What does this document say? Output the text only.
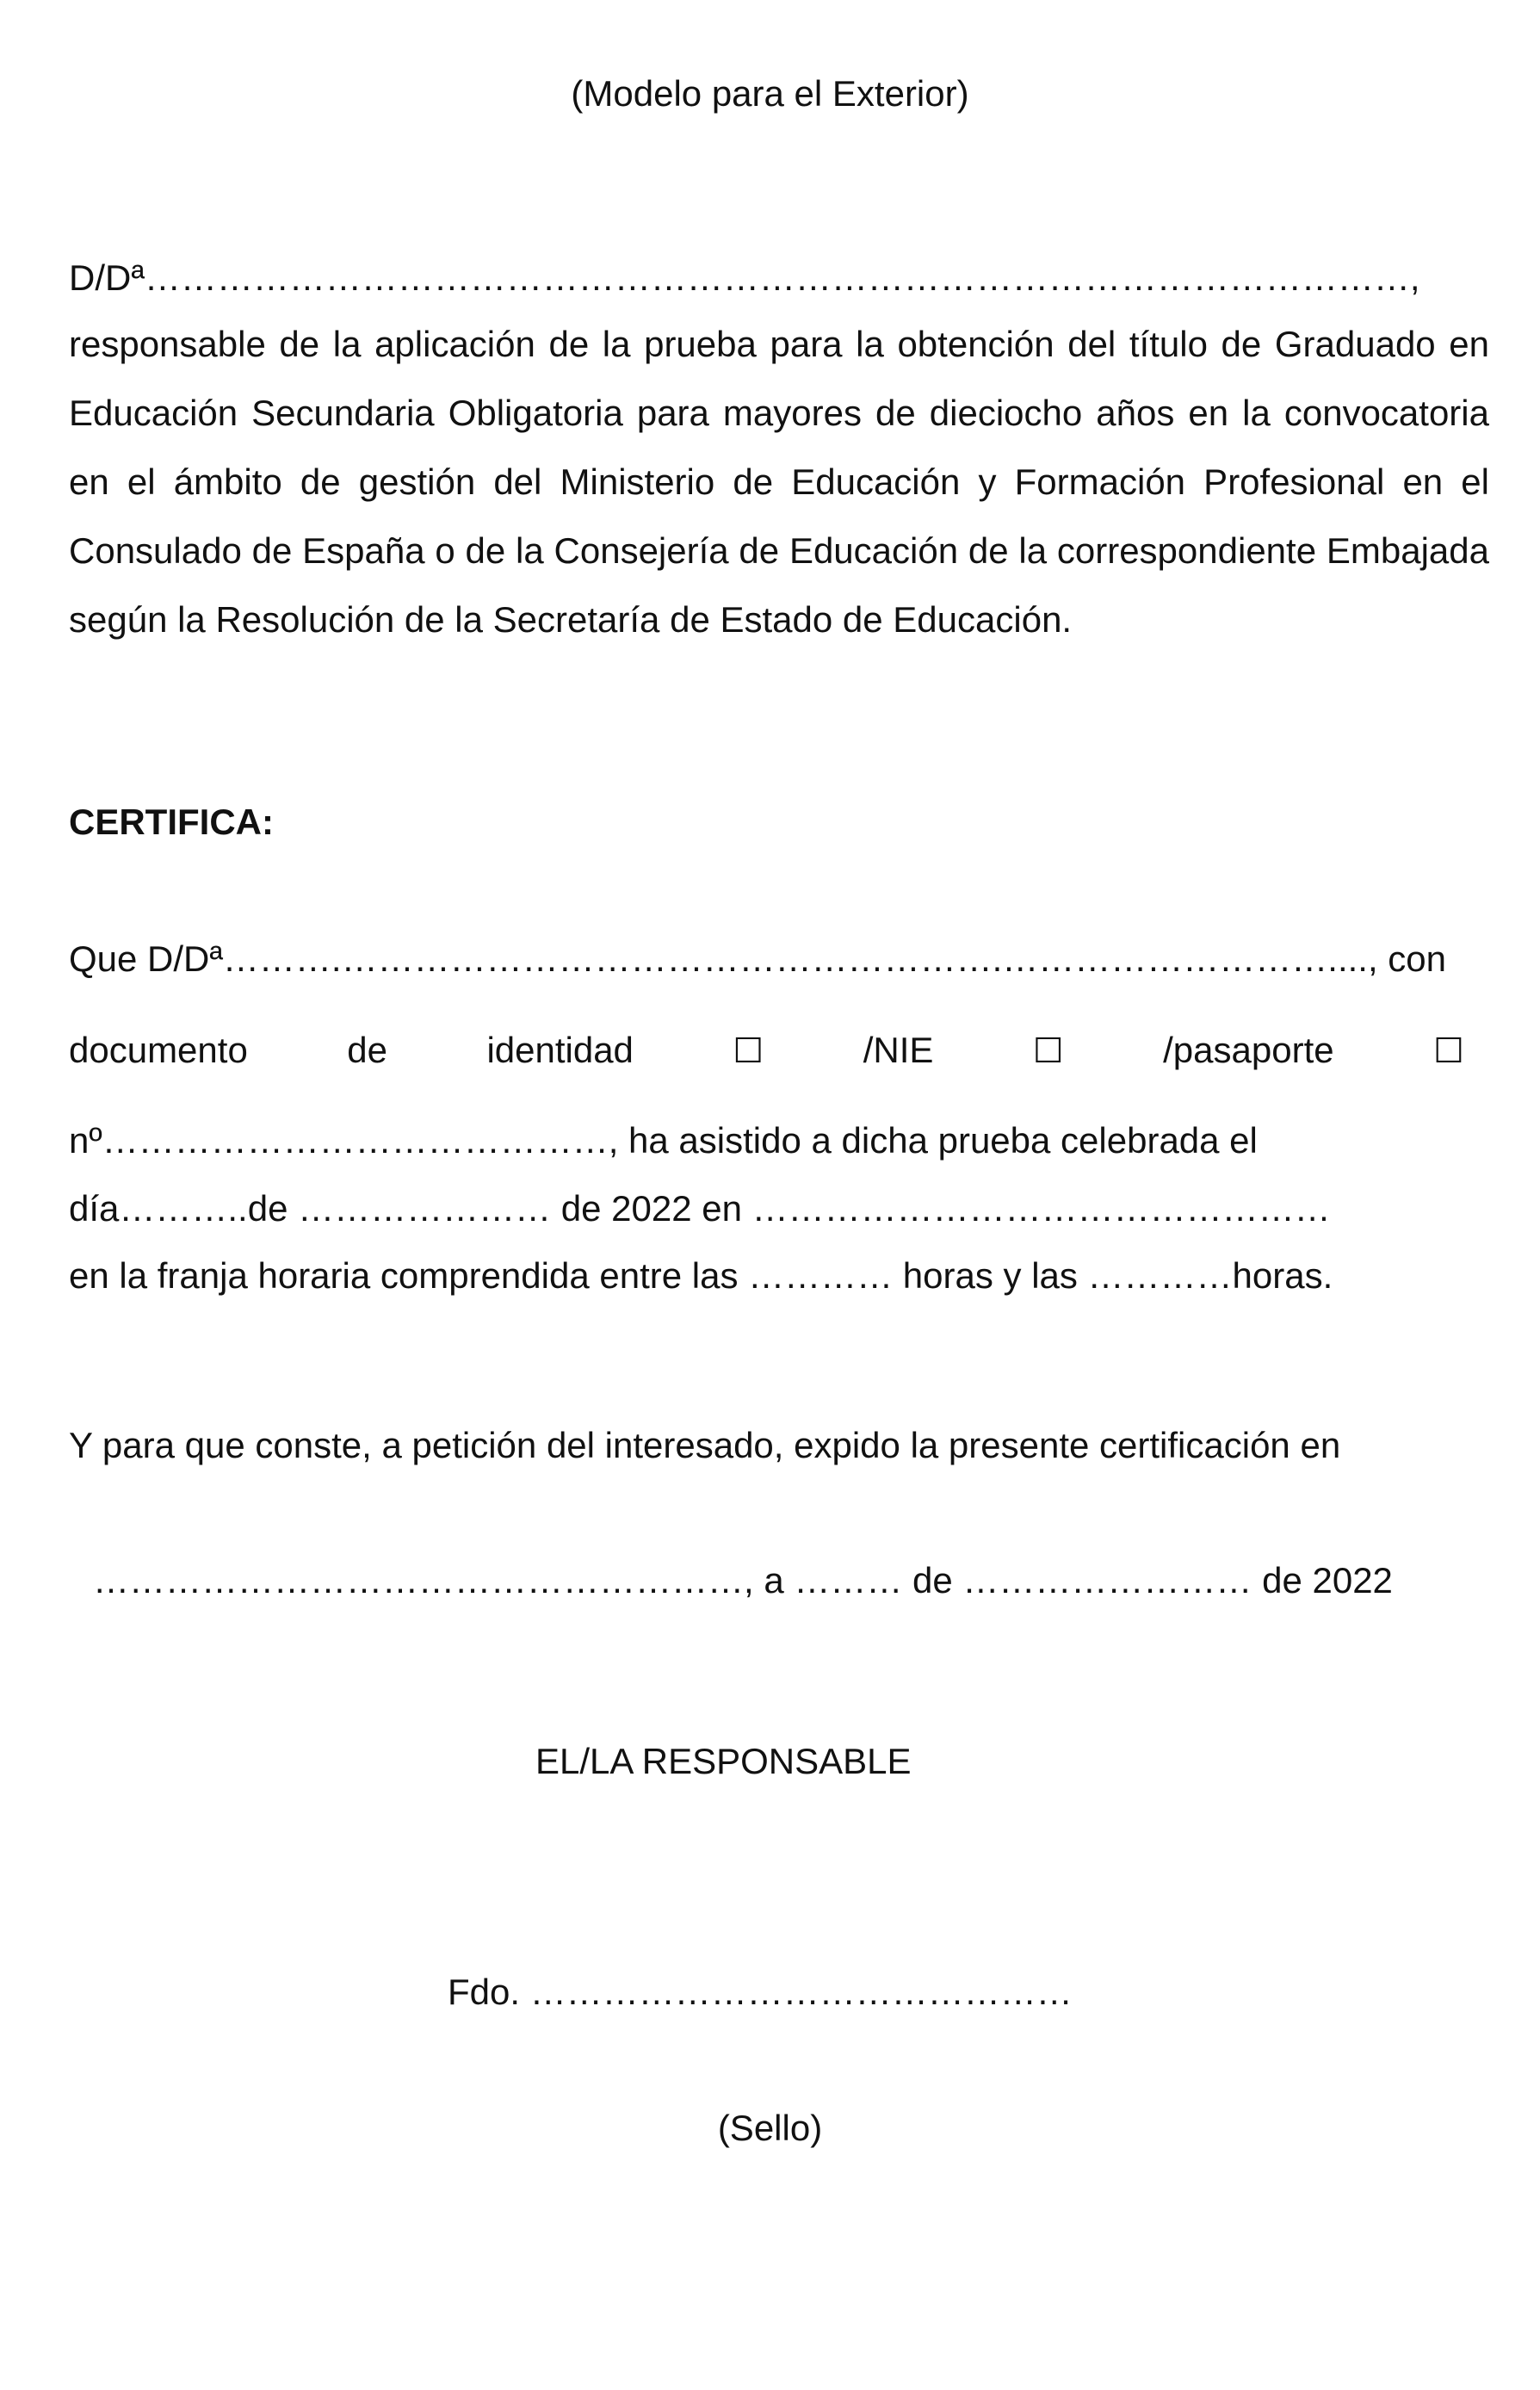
(Modelo para el Exterior)
D/Dª……………………………………………………………………………………………,
responsable de la aplicación de la prueba para la obtención del título de Graduado en Educación Secundaria Obligatoria para mayores de dieciocho años en la convocatoria en el ámbito de gestión del Ministerio de Educación y Formación Profesional en el Consulado de España o de la Consejería de Educación de la correspondiente Embajada según la Resolución de la Secretaría de Estado de Educación.
CERTIFICA:
Que D/Dª……….……………………………………………….………………………...., con
documento	de	identidad	☐	/NIE	☐	/pasaporte	☐
nº……………………………………, ha asistido a dicha prueba celebrada el
día………..de ………………… de 2022 en …………………………………………
en la franja horaria comprendida entre las ………… horas y las …………horas.
Y para que conste, a petición del interesado, expido la presente certificación en
………………………………………………, a ……… de …………………… de 2022
EL/LA RESPONSABLE
Fdo. ………………………………………
(Sello)
